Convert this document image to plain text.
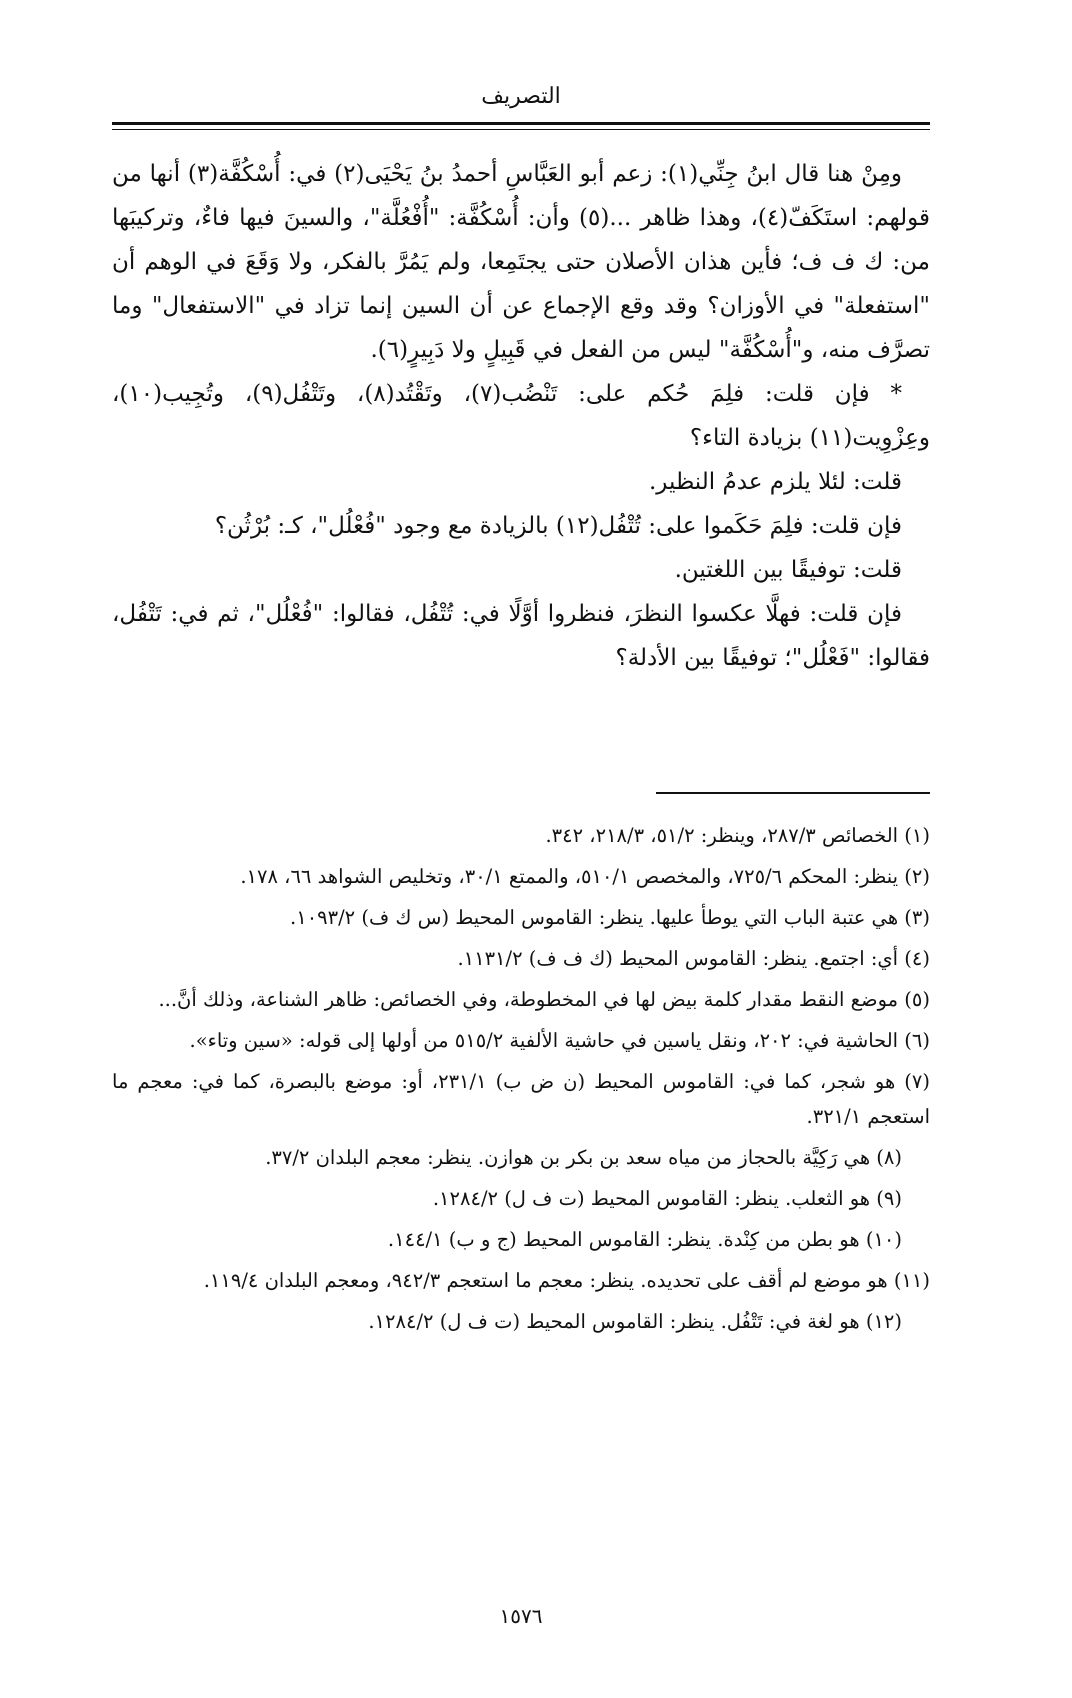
التصريف

ومِنْ هنا قال ابنُ جِنِّي(١): زعم أبو العَبَّاسِ أحمدُ بنُ يَحْيَى(٢) في: أُسْكُفَّة(٣) أنها من قولهم: استَكَفّ(٤)، وهذا ظاهر ...(٥) وأن: أُسْكُفَّة: "أُفْعُلَّة"، والسينَ فيها فاءٌ، وتركيبَها من: ك ف ف؛ فأين هذان الأصلان حتى يجتَمِعا، ولم يَمُرَّ بالفكر، ولا وَقَعَ في الوهم أن "استفعلة" في الأوزان؟ وقد وقع الإجماع عن أن السين إنما تزاد في "الاستفعال" وما تصرَّف منه، و"أُسْكُفَّة" ليس من الفعل في قَبِيلٍ ولا دَبِيرٍ(٦).

* فإن قلت: فلِمَ حُكم على: تَنْضُب(٧)، وتَقْتُد(٨)، وتَتْفُل(٩)، وتُجِيب(١٠)، وعِزْوِيت(١١) بزيادة التاء؟

قلت: لئلا يلزم عدمُ النظير.

فإن قلت: فلِمَ حَكَموا على: تُتْفُل(١٢) بالزيادة مع وجود "فُعْلُل"، كـ: بُرْثُن؟

قلت: توفيقًا بين اللغتين.

فإن قلت: فهلَّا عكسوا النظرَ، فنظروا أوَّلًا في: تُتْفُل، فقالوا: "فُعْلُل"، ثم في: تَتْفُل، فقالوا: "فَعْلُل"؛ توفيقًا بين الأدلة؟

(١) الخصائص ٢٨٧/٣، وينظر: ٥١/٢، ٢١٨/٣، ٣٤٢.

(٢) ينظر: المحكم ٧٢٥/٦، والمخصص ٥١٠/١، والممتع ٣٠/١، وتخليص الشواهد ٦٦، ١٧٨.

(٣) هي عتبة الباب التي يوطأ عليها. ينظر: القاموس المحيط (س ك ف) ١٠٩٣/٢.

(٤) أي: اجتمع. ينظر: القاموس المحيط (ك ف ف) ١١٣١/٢.

(٥) موضع النقط مقدار كلمة بيض لها في المخطوطة، وفي الخصائص: ظاهر الشناعة، وذلك أنَّ...

(٦) الحاشية في: ٢٠٢، ونقل ياسين في حاشية الألفية ٥١٥/٢ من أولها إلى قوله: «سين وتاء».

(٧) هو شجر، كما في: القاموس المحيط (ن ض ب) ٢٣١/١، أو: موضع بالبصرة، كما في: معجم ما استعجم ٣٢١/١.

(٨) هي رَكِيَّة بالحجاز من مياه سعد بن بكر بن هوازن. ينظر: معجم البلدان ٣٧/٢.

(٩) هو الثعلب. ينظر: القاموس المحيط (ت ف ل) ١٢٨٤/٢.

(١٠) هو بطن من كِنْدة. ينظر: القاموس المحيط (ج و ب) ١٤٤/١.

(١١) هو موضع لم أقف على تحديده. ينظر: معجم ما استعجم ٩٤٢/٣، ومعجم البلدان ١١٩/٤.

(١٢) هو لغة في: تَتْفُل. ينظر: القاموس المحيط (ت ف ل) ١٢٨٤/٢.

١٥٧٦
